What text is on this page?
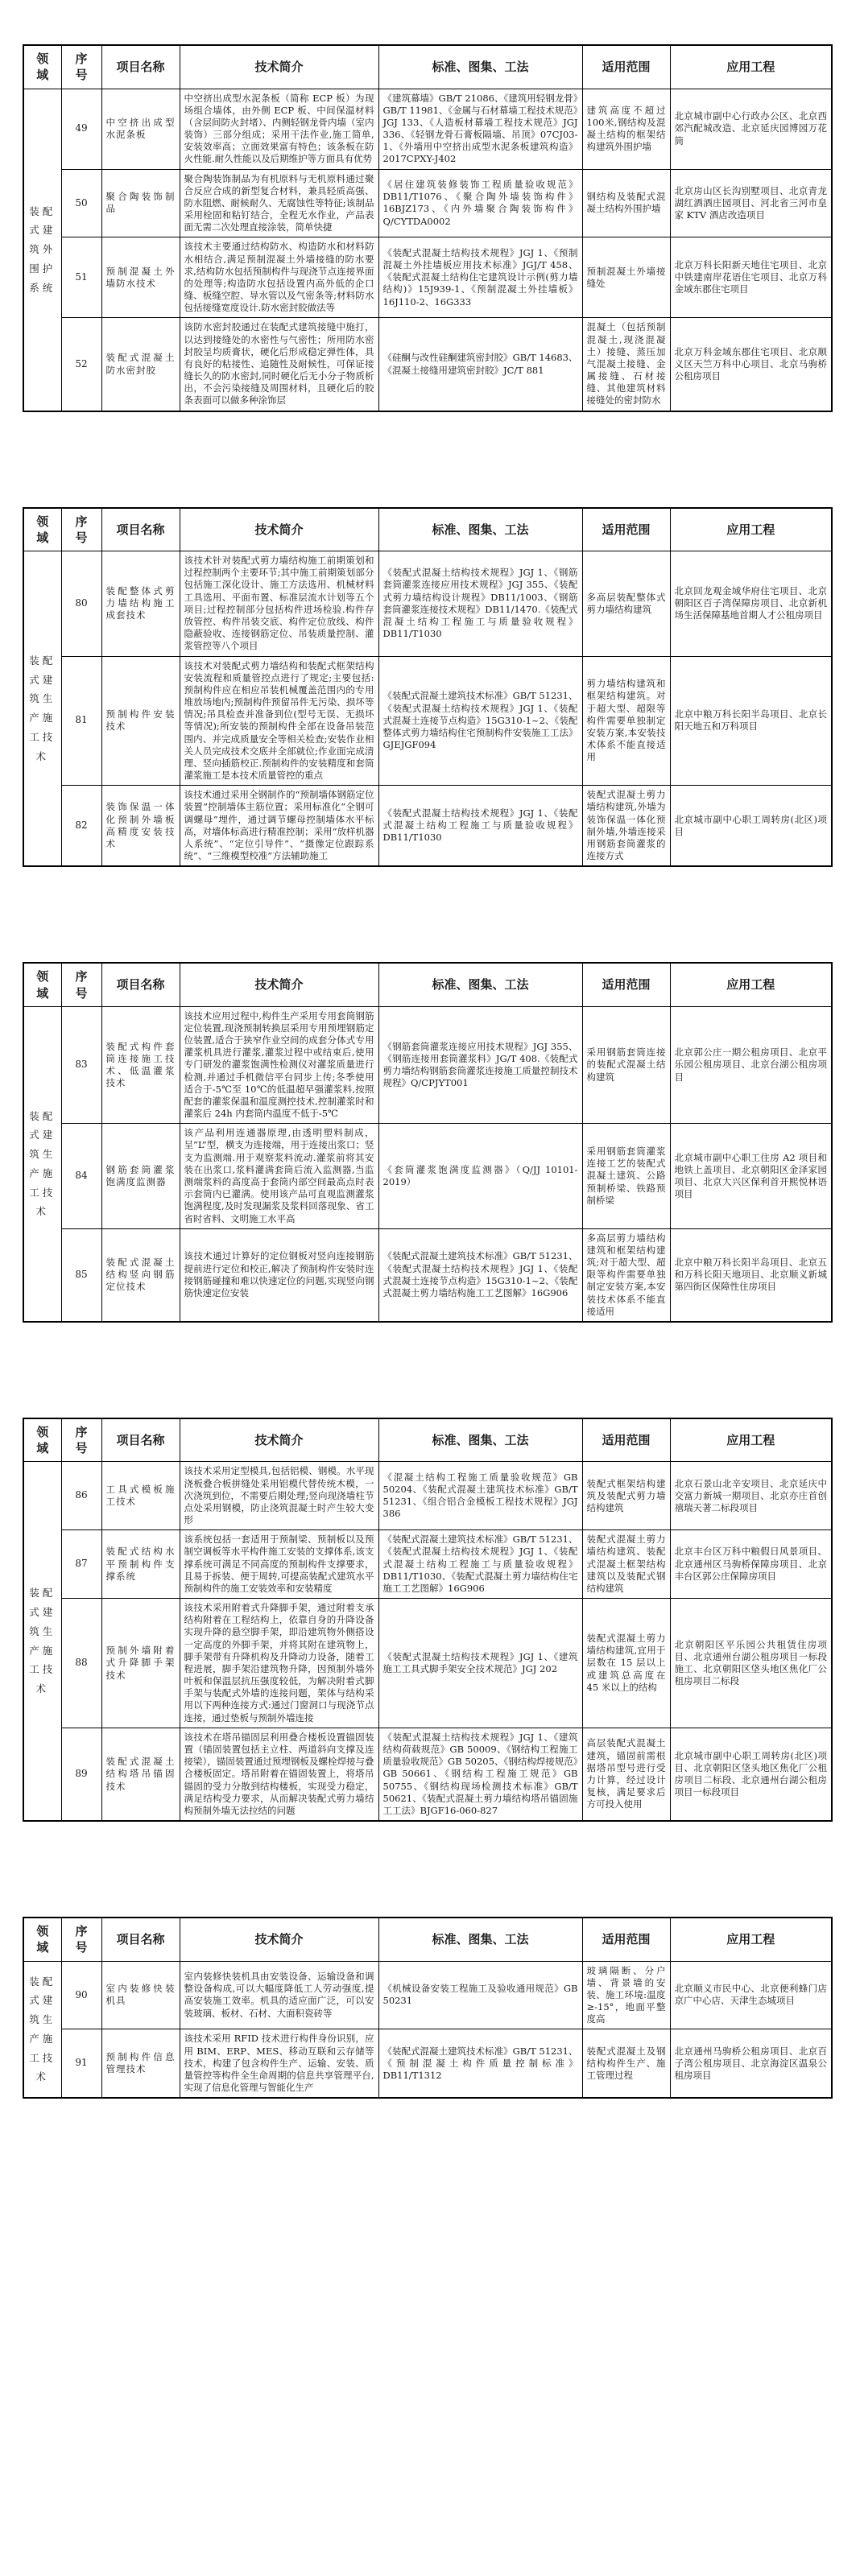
领域	序号	项目名称	技术简介	标准、图集、工法	适用范围	应用工程
装配式建筑外围护系统	49	中空挤出成型水泥条板	中空挤出成型水泥条板（简称 ECP 板）为现场组合墙体，由外侧 ECP 板、中间保温材料（含层间防火封堵）、内侧轻钢龙骨内墙（室内装饰）三部分组成；采用干法作业,施工简单,安装效率高；立面效果富有特色；该条板在防火性能.耐久性能以及后期维护等方面具有优势	《建筑幕墙》GB/T 21086、《建筑用轻钢龙骨》GB/T 11981、《金属与石材幕墙工程技术规范》JGJ 133、《人造板材幕墙工程技术规范》JGJ 336、《轻钢龙骨石膏板隔墙、吊顶》07CJ03-1、《外墙用中空挤出成型水泥条板建筑构造》2017CPXY-J402	建筑高度不超过100米,钢结构及混凝土结构的框架结构建筑外围护墙	北京城市副中心行政办公区、北京西郊汽配城改造、北京延庆园博园万花筒
	50	聚合陶装饰制品	聚合陶装饰制品为有机原料与无机原料通过聚合反应合成的新型复合材料，兼具轻质高强、防水阻燃、耐候耐久、无腐蚀性等特征;该制品采用栓固和粘钉结合，全程无水作业，产品表面无需二次处理直接涂装，简单快捷	《居住建筑装修装饰工程质量验收规范》DB11/T1076、《聚合陶外墙装饰构件》16BJZ173、《内外墙聚合陶装饰构件》Q/CYTDA0002	钢结构及装配式混凝土结构外围护墙	北京房山区长沟别墅项目、北京青龙湖红酒酒庄园项目、河北省三河市皇家 KTV 酒店改造项目
	51	预制混凝土外墙防水技术	该技术主要通过结构防水、构造防水和材料防水相结合,满足预制混凝土外墙接缝的防水要求,结构防水包括预制构件与现浇节点连接界面的处理等;构造防水包括设置内高外低的企口缝、板缝空腔、导水管以及气密条等;材料防水包括接缝宽度设计.防水密封胶做法等	《装配式混凝土结构技术规程》JGJ 1、《预制混凝土外挂墙板应用技术标准》JGJ/T 458、《装配式混凝土结构住宅建筑设计示例(剪力墙结构)》15J939-1、《预制混凝土外挂墙板》16J110-2、16G333	预制混凝土外墙接缝处	北京万科长阳新天地住宅项目、北京中铁建南岸花语住宅项目、北京万科金域东郡住宅项目
	52	装配式混凝土防水密封胶	该防水密封胶通过在装配式建筑接缝中施打，以达到接缝处的水密性与气密性；所用防水密封胶呈均质膏状，硬化后形成稳定弹性体，具有良好的粘接性、追随性及耐候性，可保证接缝长久的防水密封,同时硬化后无小分子物质析出，不会污染接缝及周围材料，且硬化后的胶条表面可以做多种涂饰层	《硅酮与改性硅酮建筑密封胶》GB/T 14683、《混凝土接缝用建筑密封胶》JC/T 881	混凝土（包括预制混凝土,现浇混凝土）接缝、蒸压加气混凝土接缝、金属接缝、石材接缝、其他建筑材料接缝处的密封防水	北京万科金域东郡住宅项目、北京顺义区天竺万科中心项目、北京马驹桥公租房项目
领域	序号	项目名称	技术简介	标准、图集、工法	适用范围	应用工程
装配式建筑生产施工技术	80	装配整体式剪力墙结构施工成套技术	该技术针对装配式剪力墙结构施工前期策划和过程控制两个主要环节;其中施工前期策划部分包括施工深化设计、施工方法选用、机械材料工具选用、平面布置、标准层流水计划等五个项目;过程控制部分包括构件进场检验.构件存放管控、构件吊装交底、构件定位放线、构件隐蔽验收、连接钢筋定位、吊装质量控制、灌浆管控等八个项目	《装配式混凝土结构技术规程》JGJ 1、《钢筋套筒灌浆连接应用技术规程》JGJ 355、《装配式剪力墙结构设计规程》DB11/1003、《钢筋套筒灌浆连接技术规程》DB11/1470.《装配式混凝土结构工程施工与质量验收规程》DB11/T1030	多高层装配整体式剪力墙结构建筑	北京回龙观金域华府住宅项目、北京朝阳区百子湾保障房项目、北京新机场生活保障基地首期人才公租房项目
	81	预制构件安装技术	该技术对装配式剪力墙结构和装配式框架结构安装流程和质量管控点进行了规定;主要包括:预制构件应在相应吊装机械覆盖范围内的专用堆放场地内;预制构件预留吊件无污染、损坏等情况;吊具检查并准备到位(型号无误、无损坏等情况);所安装的预制构件全部在设备吊装范围内、并完成质量安全等相关检查;安装作业相关人员完成技术交底并全部就位;作业面完成清理、竖向插筋校正.预制构件的安装精度和套筒灌浆施工是本技术质量管控的重点	《装配式混凝土建筑技术标准》GB/T 51231、《装配式混凝土结构技术规程》JGJ 1、《装配式混凝土连接节点构造》15G310-1~2、《装配整体式剪力墙结构住宅预制构件安装施工工法》GJEJGF094	剪力墙结构建筑和框架结构建筑。对于超大型、超限等构件需要单独制定安装方案,本安装技术体系不能直接适用	北京中粮万科长阳半岛项目、北京长阳天地五和万科项目
	82	装饰保温一体化预制外墙板高精度安装技术	该技术通过采用全钢制作的“预制墙体钢筋定位装置”控制墙体主筋位置；采用标准化“全钢可调螺母”埋件，通过调节螺母控制墙体水平标高，对墙体标高进行精准控制；采用“放样机器人系统”、“定位引导件”、“摄像定位跟踪系统”、“三维模型校准”方法辅助施工	《装配式混凝土结构技术规程》JGJ 1、《装配式混凝土结构工程施工与质量验收规程》DB11/T1030	装配式混凝土剪力墙结构建筑,外墙为装饰保温一体化预制外墙,外墙连接采用钢筋套筒灌浆的连接方式	北京城市副中心职工周转房(北区)项目
领域	序号	项目名称	技术简介	标准、图集、工法	适用范围	应用工程
装配式建筑生产施工技术	83	装配式构件套筒连接施工技术、低温灌浆技术	该技术应用过程中,构件生产采用专用套筒钢筋定位装置,现浇预制转换层采用专用预埋钢筋定位装置,适合于狭窄作业空间的成套分体式专用灌浆机具进行灌浆,灌浆过程中或结束后,使用专门研发的灌浆饱满性检测仪对灌浆质量进行检测,并通过手机微信平台同步上传;冬季使用适合于-5℃至 10℃的低温超早强灌浆料,按照配套的灌浆保温和温度测控技术,控制灌浆时和灌浆后 24h 内套筒内温度不低于-5℃	《钢筋套筒灌浆连接应用技术规程》JGJ 355、《钢筋连接用套筒灌浆料》JG/T 408.《装配式剪力墙结构钢筋套筒灌浆连接施工质量控制技术规程》Q/CPJYT001	采用钢筋套筒连接的装配式混凝土结构建筑	北京郭公庄一期公租房项目、北京平乐园公租房项目、北京台湖公租房项目
	84	钢筋套筒灌浆饱满度监测器	该产品利用连通器原理,由透明塑料制成，呈“L”型，横支为连接端，用于连接出浆口；竖支为监测端.用于观察浆料流动.灌浆前将其安装在出浆口,浆料灌满套筒后流入监测器,当监测端浆料的高度高于套筒内部空间最高点时表示套筒内已灌满。使用该产品可直观监测灌浆饱满程度,及时发现漏浆及浆料回落现象、省工省时省料、文明施工水平高	《套筒灌浆饱满度监测器》（Q/JJ 10101-2019）	采用钢筋套筒灌浆连接工艺的装配式混凝土建筑、公路预制桥梁、铁路预制桥梁	北京城市副中心职工住房 A2 项目和地铁上盖项目、北京朝阳区金泽家园项目、北京大兴区保利首开熙悦林语项目
	85	装配式混凝土结构竖向钢筋定位技术	该技术通过计算好的定位钢板对竖向连接钢筋提前进行定位和校正,解决了预制构件安装时连接钢筋碰撞和难以快速定位的问题,实现竖向钢筋快速定位安装	《装配式混凝土建筑技术标准》GB/T 51231、《装配式混凝土结构技术规程》JGJ 1、《装配式混凝土连接节点构造》15G310-1~2、《装配式混凝土剪力墙结构施工工艺图解》16G906	多高层剪力墙结构建筑和框架结构建筑;对于超大型、超限等构件需要单独制定安装方案,本安装技术体系不能直接适用	北京中粮万科长阳半岛项目、北京五和万科长阳天地项目、北京顺义新城第四街区保障性住房项目
领域	序号	项目名称	技术简介	标准、图集、工法	适用范围	应用工程
装配式建筑生产施工技术	86	工具式模板施工技术	该技术采用定型模具,包括铝模、钢模。水平现浇板叠合板拼缝处采用铝模代替传统木模，一次浇筑到位，不需要后期处理;竖向现浇墙柱节点处采用钢模，防止浇筑混凝土时产生较大变形	《混凝土结构工程施工质量验收规范》GB 50204、《装配式混凝土建筑技术标准》GB/T 51231、《组合铝合金模板工程技术规程》JGJ 386	装配式框架结构建筑及装配式剪力墙结构建筑	北京石景山北辛安项目、北京延庆中交富力新城一期项目、北京亦庄首创禧瑞天著二标段项目
	87	装配式结构水平预制构件支撑系统	该系统包括一套适用于预制梁、预制板以及预制空调板等水平构件施工安装的支撑体系,该支撑系统可满足不同高度的预制构件支撑要求，且易于拆装、便于周转,可提高装配式建筑水平预制构件的施工安装效率和安装精度	《装配式混凝土建筑技术标准》GB/T 51231、《装配式混凝土结构技术规程》JGJ 1、《装配式混凝土结构工程施工与质量验收规程》DB11/T1030、《装配式混凝土剪力墙结构住宅施工工艺图解》16G906	装配式混凝土剪力墙结构建筑、装配式混凝土框架结构建筑以及装配式钢结构建筑	北京丰台区万科中粮假日风景项目、北京通州区马驹桥保障房项目、北京丰台区郭公庄保障房项目
	88	预制外墙附着式升降脚手架技术	该技术采用附着式升降脚手架，通过附着支承结构附着在工程结构上，依靠自身的升降设备实现升降的悬空脚手架，即沿建筑物外侧搭设一定高度的外脚手架，并将其附在建筑物上，脚手架带有升降机构及升降动力设备，随着工程进展，脚手架沿建筑物升降，因预制外墙外叶板和保温层抗压强度较低，为解决附着式脚手架与装配式外墙的连接问题，架体与结构采用以下两种连接方式:通过门窗洞口与现浇节点连接，通过垫板与预制外墙连接	《装配式混凝土结构技术规程》JGJ 1、《建筑施工工具式脚手架安全技术规范》JGJ 202	装配式混凝土剪力墙结构建筑,宜用于层数在 15 层以上或建筑总高度在 45 米以上的结构	北京朝阳区平乐园公共租赁住房项目、北京通州台湖公租房项目一标段施工、北京朝阳区垡头地区焦化厂公租房项目二标段
	89	装配式混凝土结构塔吊锚固技术	该技术在塔吊锚固层利用叠合楼板设置锚固装置（锚固装置包括主立柱、两道斜向支撑及连接梁），锚固装置通过预埋钢板及螺栓焊接与叠合楼板固定。塔吊附着在锚固装置上，将塔吊锚固的受力分散到结构楼板，实现受力稳定，满足结构受力要求，从而解决装配式剪力墙结构预制外墙无法拉结的问题	《装配式混凝土结构技术规程》JGJ 1、《建筑结构荷载规范》GB 50009、《钢结构工程施工质量验收规范》GB 50205、《钢结构焊接规范》GB 50661、《钢结构工程施工规范》GB 50755、《钢结构现场检测技术标准》GB/T 50621、《装配式混凝土剪力墙结构塔吊锚固施工工法》BJGF16-060-827	高层装配式混凝土建筑，锚固前需根据塔吊型号进行受力计算，经过设计复核，满足要求后方可投入使用	北京城市副中心职工周转房(北区)项目、北京朝阳区垡头地区焦化厂公租房项目二标段、北京通州台湖公租房项目一标段项目
领域	序号	项目名称	技术简介	标准、图集、工法	适用范围	应用工程
装配式建筑生产施工技术	90	室内装修快装机具	室内装修快装机具由安装设备、运输设备和调整设备构成,可以大幅度降低工人劳动强度,提高安装施工效率。机具的适应面广泛，可以安装玻璃、板材、石材、大面积瓷砖等	《机械设备安装工程施工及验收通用规范》GB 50231	玻璃隔断、分户墙、背景墙的安装、施工环境:温度≥-15°，地面平整度高	北京顺义市民中心、北京便利蜂门店京广中心店、天津生态城项目
	91	预制构件信息管理技术	该技术采用 RFID 技术进行构件身份识别，应用 BIM、ERP、MES、移动互联和云存储等技术，构建了包含构件生产、运输、安装、质量管控等构件全生命周期的信息共享管理平台,实现了信息化管理与智能化生产	《装配式混凝土建筑技术标准》GB/T 51231、《预制混凝土构件质量控制标准》DB11/T1312	装配式混凝土及钢结构构件生产、施工管理过程	北京通州马驹桥公租房项目、北京百子湾公租房项目、北京海淀区温泉公租房项目
